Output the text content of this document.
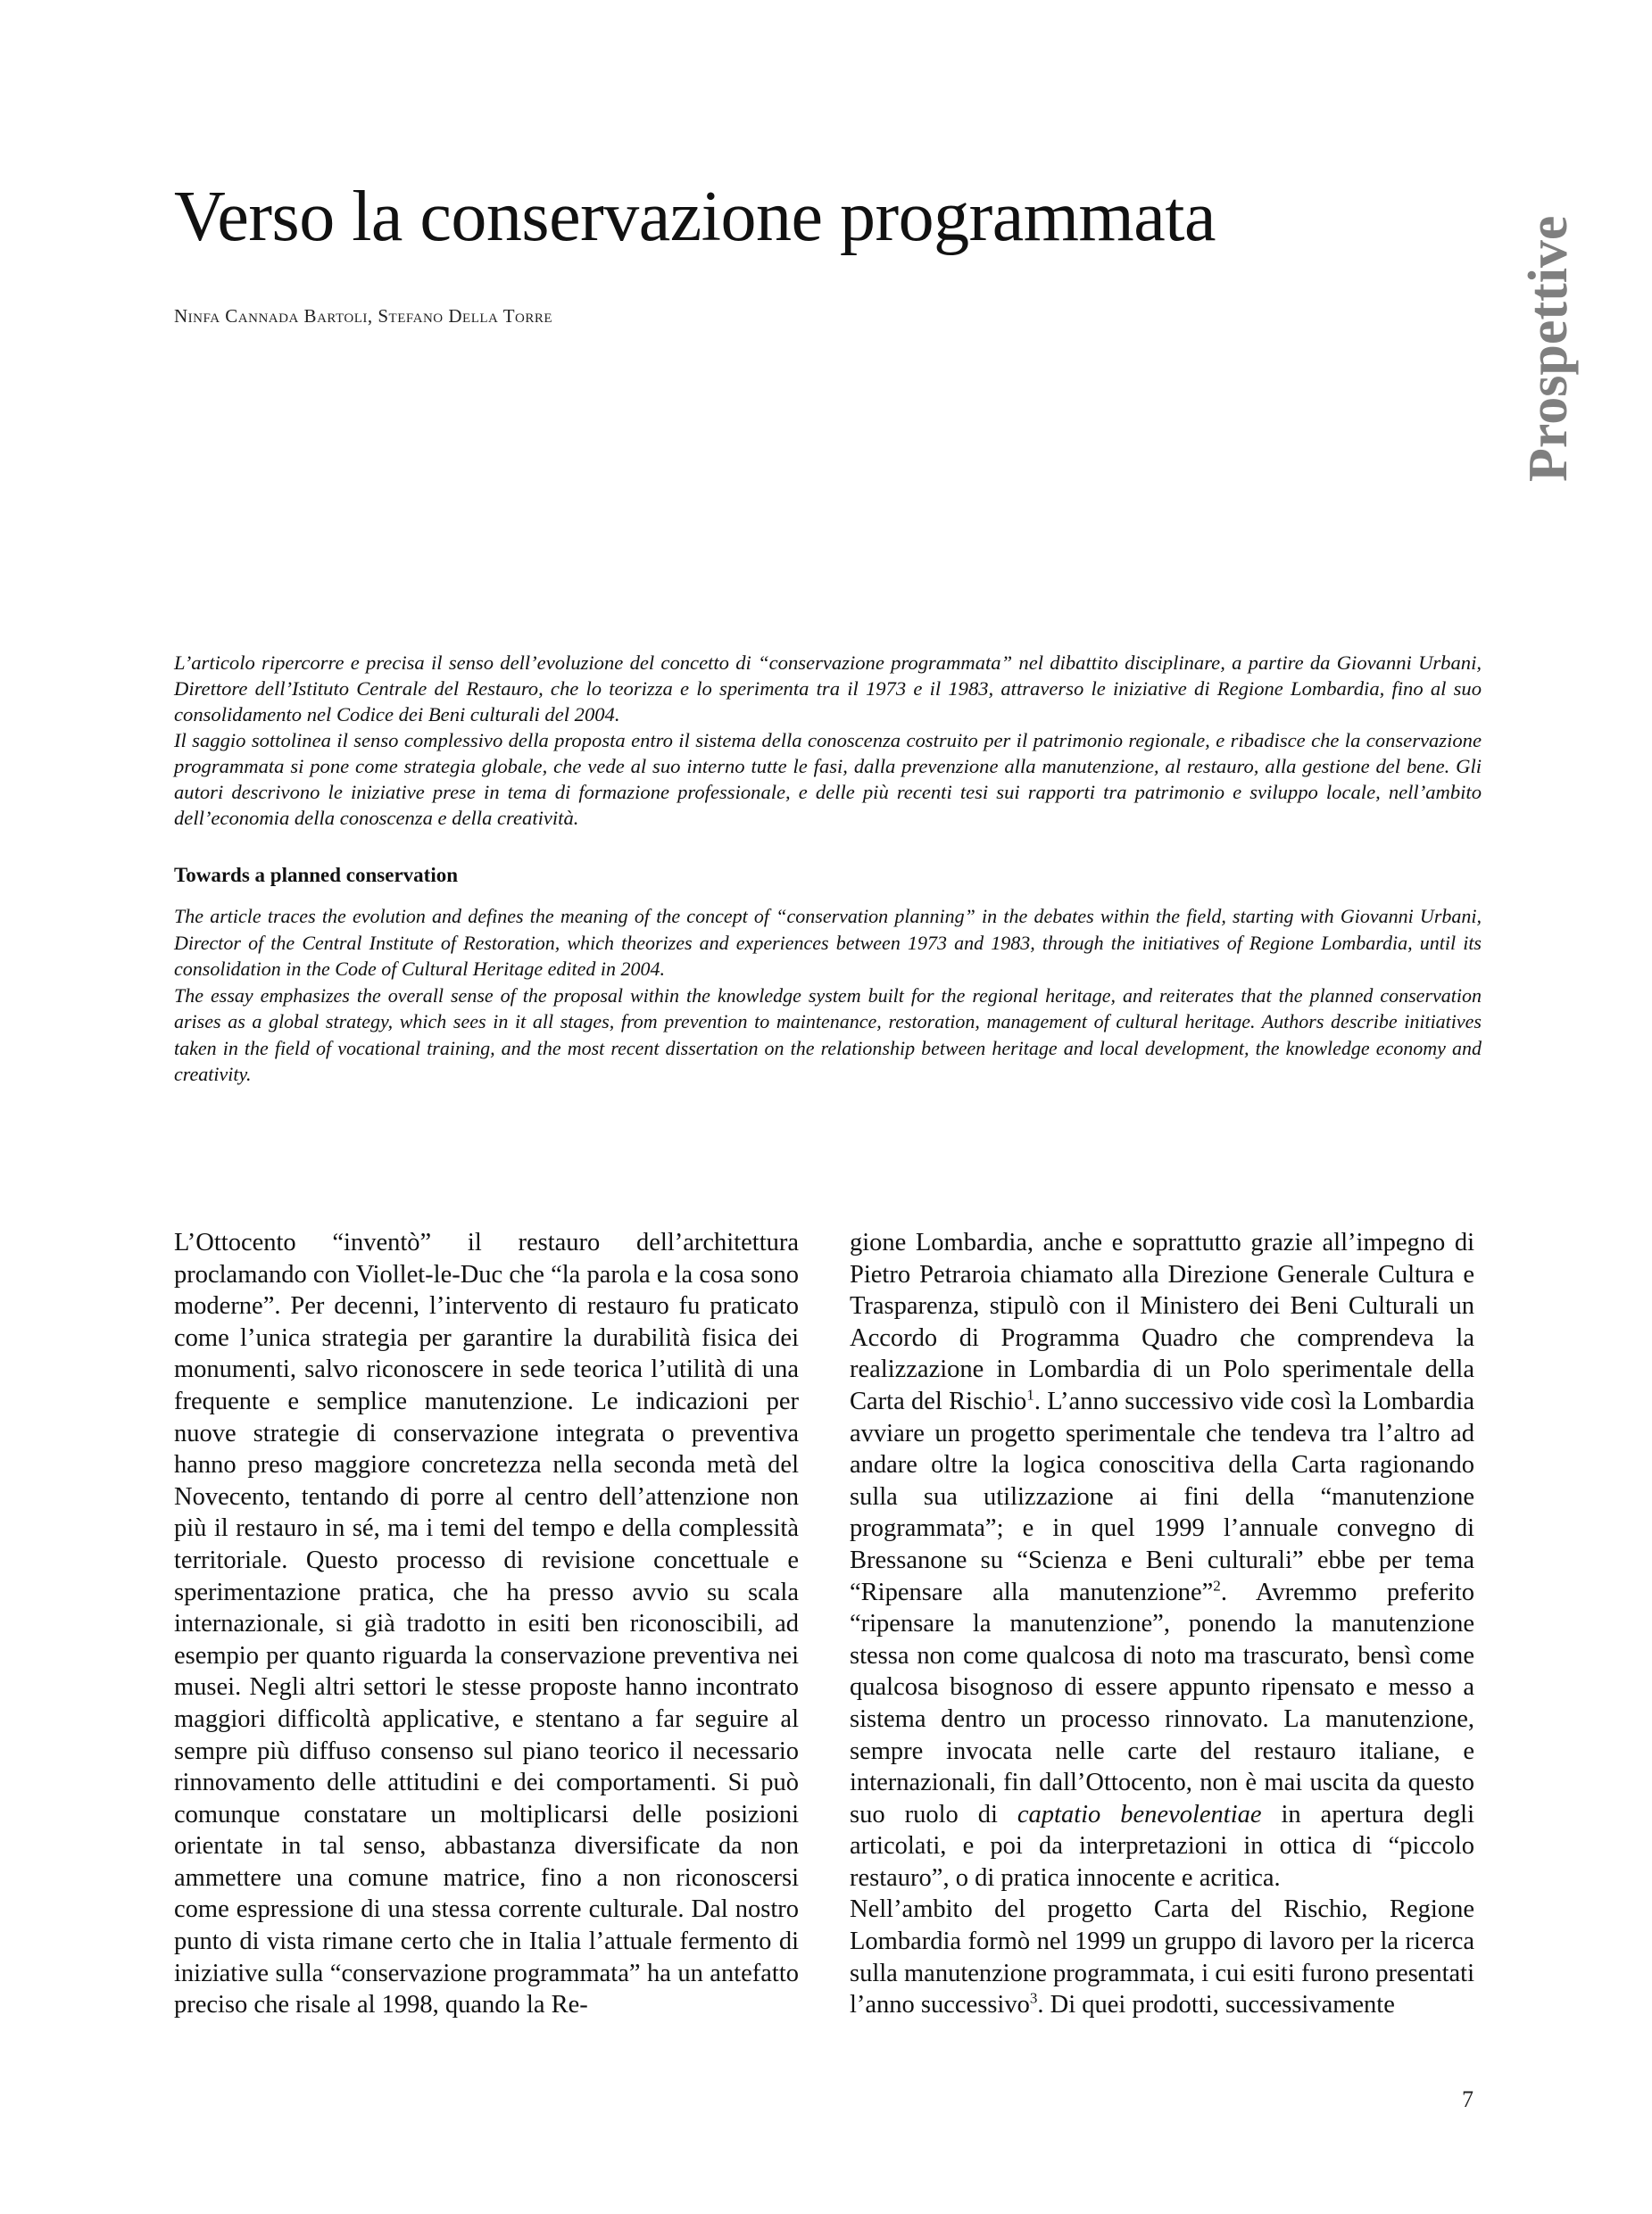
Verso la conservazione programmata
Ninfa Cannada Bartoli, Stefano Della Torre	Prospettive

L’articolo ripercorre e precisa il senso dell’evoluzione del concetto di “conservazione programmata” nel dibattito disciplinare, a partire da Giovanni Urbani, Direttore dell’Istituto Centrale del Restauro, che lo teorizza e lo sperimenta tra il 1973 e il 1983, attraverso le iniziative di Regione Lombardia, fino al suo consolidamento nel Codice dei Beni culturali del 2004.

Il saggio sottolinea il senso complessivo della proposta entro il sistema della conoscenza costruito per il patrimonio regionale, e ribadisce che la conservazione programmata si pone come strategia globale, che vede al suo interno tutte le fasi, dalla prevenzione alla manutenzione, al restauro, alla gestione del bene. Gli autori descrivono le iniziative prese in tema di formazione professionale, e delle più recenti tesi sui rapporti tra patrimonio e sviluppo locale, nell’ambito dell’economia della conoscenza e della creatività.

Towards a planned conservation

The article traces the evolution and defines the meaning of the concept of “conservation planning” in the debates within the field, starting with Giovanni Urbani, Director of the Central Institute of Restoration, which theorizes and experiences between 1973 and 1983, through the initiatives of Regione Lombardia, until its consolidation in the Code of Cultural Heritage edited in 2004.

The essay emphasizes the overall sense of the proposal within the knowledge system built for the regional heritage, and reiterates that the planned conservation arises as a global strategy, which sees in it all stages, from prevention to maintenance, restoration, management of cultural heritage. Authors describe initiatives taken in the field of vocational training, and the most recent dissertation on the relationship between heritage and local development, the knowledge economy and creativity.

L’Ottocento “inventò” il restauro dell’architettura proclamando con Viollet-le-Duc che “la parola e la cosa sono moderne”. Per decenni, l’intervento di restauro fu praticato come l’unica strategia per garantire la durabilità fisica dei monumenti, salvo riconoscere in sede teorica l’utilità di una frequente e semplice manutenzione. Le indicazioni per nuove strategie di conservazione integrata o preventiva hanno preso maggiore concretezza nella seconda metà del Novecento, tentando di porre al centro dell’attenzione non più il restauro in sé, ma i temi del tempo e della complessità territoriale. Questo processo di revisione concettuale e sperimentazione pratica, che ha presso avvio su scala internazionale, si già tradotto in esiti ben riconoscibili, ad esempio per quanto riguarda la conservazione preventiva nei musei. Negli altri settori le stesse proposte hanno incontrato maggiori difficoltà applicative, e stentano a far seguire al sempre più diffuso consenso sul piano teorico il necessario rinnovamento delle attitudini e dei comportamenti. Si può comunque constatare un moltiplicarsi delle posizioni orientate in tal senso, abbastanza diversificate da non ammettere una comune matrice, fino a non riconoscersi come espressione di una stessa corrente culturale. Dal nostro punto di vista rimane certo che in Italia l’attuale fermento di iniziative sulla “conservazione programmata” ha un antefatto preciso che risale al 1998, quando la Re-

gione Lombardia, anche e soprattutto grazie all’impegno di Pietro Petraroia chiamato alla Direzione Generale Cultura e Trasparenza, stipulò con il Ministero dei Beni Culturali un Accordo di Programma Quadro che comprendeva la realizzazione in Lombardia di un Polo sperimentale della Carta del Rischio$^1$. L’anno successivo vide così la Lombardia avviare un progetto sperimentale che tendeva tra l’altro ad andare oltre la logica conoscitiva della Carta ragionando sulla sua utilizzazione ai fini della “manutenzione programmata”; e in quel 1999 l’annuale convegno di Bressanone su “Scienza e Beni culturali” ebbe per tema “Ripensare alla manutenzione”$^2$. Avremmo preferito “ripensare la manutenzione”, ponendo la manutenzione stessa non come qualcosa di noto ma trascurato, bensì come qualcosa bisognoso di essere appunto ripensato e messo a sistema dentro un processo rinnovato. La manutenzione, sempre invocata nelle carte del restauro italiane, e internazionali, fin dall’Ottocento, non è mai uscita da questo suo ruolo di captatio benevolentiae in apertura degli articolati, e poi da interpretazioni in ottica di “piccolo restauro”, o di pratica innocente e acritica.

Nell’ambito del progetto Carta del Rischio, Regione Lombardia formò nel 1999 un gruppo di lavoro per la ricerca sulla manutenzione programmata, i cui esiti furono presentati l’anno successivo$^3$. Di quei prodotti, successivamente

7
